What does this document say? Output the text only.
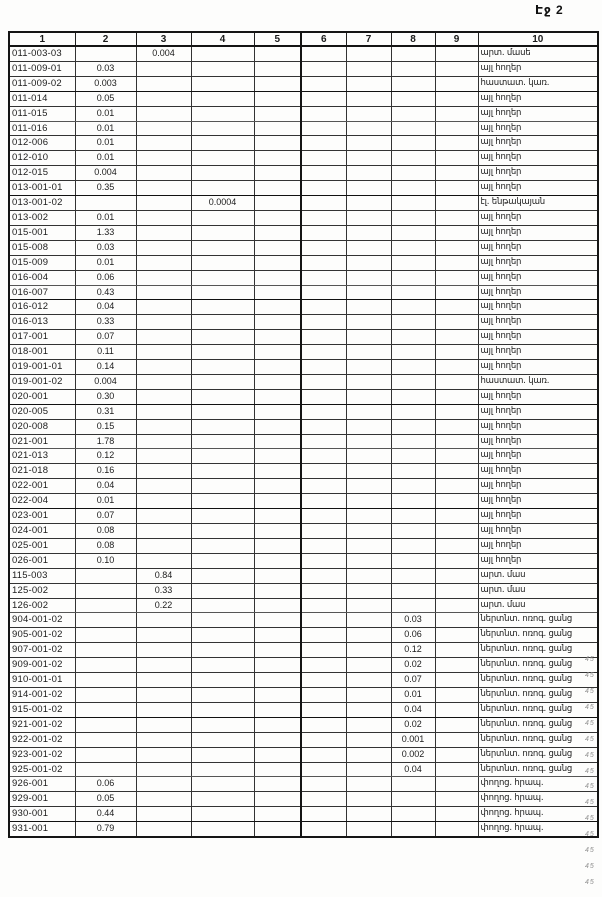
Էջ 2
1	2	3	4	5	6	7	8	9	10
011-003-03		0.004							արտ. մասե
011-009-01	0.03								այլ հողեր
011-009-02	0.003								հաստատ. կառ.
011-014	0.05								այլ հողեր
011-015	0.01								այլ հողեր
011-016	0.01								այլ հողեր
012-006	0.01								այլ հողեր
012-010	0.01								այլ հողեր
012-015	0.004								այլ հողեր
013-001-01	0.35								այլ հողեր
013-001-02			0.0004						էլ. ենթակայան
013-002	0.01								այլ հողեր
015-001	1.33								այլ հողեր
015-008	0.03								այլ հողեր
015-009	0.01								այլ հողեր
016-004	0.06								այլ հողեր
016-007	0.43								այլ հողեր
016-012	0.04								այլ հողեր
016-013	0.33								այլ հողեր
017-001	0.07								այլ հողեր
018-001	0.11								այլ հողեր
019-001-01	0.14								այլ հողեր
019-001-02	0.004								հաստատ. կառ.
020-001	0.30								այլ հողեր
020-005	0.31								այլ հողեր
020-008	0.15								այլ հողեր
021-001	1.78								այլ հողեր
021-013	0.12								այլ հողեր
021-018	0.16								այլ հողեր
022-001	0.04								այլ հողեր
022-004	0.01								այլ հողեր
023-001	0.07								այլ հողեր
024-001	0.08								այլ հողեր
025-001	0.08								այլ հողեր
026-001	0.10								այլ հողեր
115-003		0.84							արտ. մաս
125-002		0.33							արտ. մաս
126-002		0.22							արտ. մաս
904-001-02							0.03		ներտնտ. ոռոգ. ցանց
905-001-02							0.06		ներտնտ. ոռոգ. ցանց
907-001-02							0.12		ներտնտ. ոռոգ. ցանց
909-001-02							0.02		ներտնտ. ոռոգ. ցանց
910-001-01							0.07		ներտնտ. ոռոգ. ցանց
914-001-02							0.01		ներտնտ. ոռոգ. ցանց
915-001-02							0.04		ներտնտ. ոռոգ. ցանց
921-001-02							0.02		ներտնտ. ոռոգ. ցանց
922-001-02							0.001		ներտնտ. ոռոգ. ցանց
923-001-02							0.002		ներտնտ. ոռոգ. ցանց
925-001-02							0.04		ներտնտ. ոռոգ. ցանց
926-001	0.06								փողոց. հրապ.
929-001	0.05								փողոց. հրապ.
930-001	0.44								փողոց. հրապ.
931-001	0.79								փողոց. հրապ.
45
45
45
45
45
45
45
45
45
45
45
45
45
45
45
